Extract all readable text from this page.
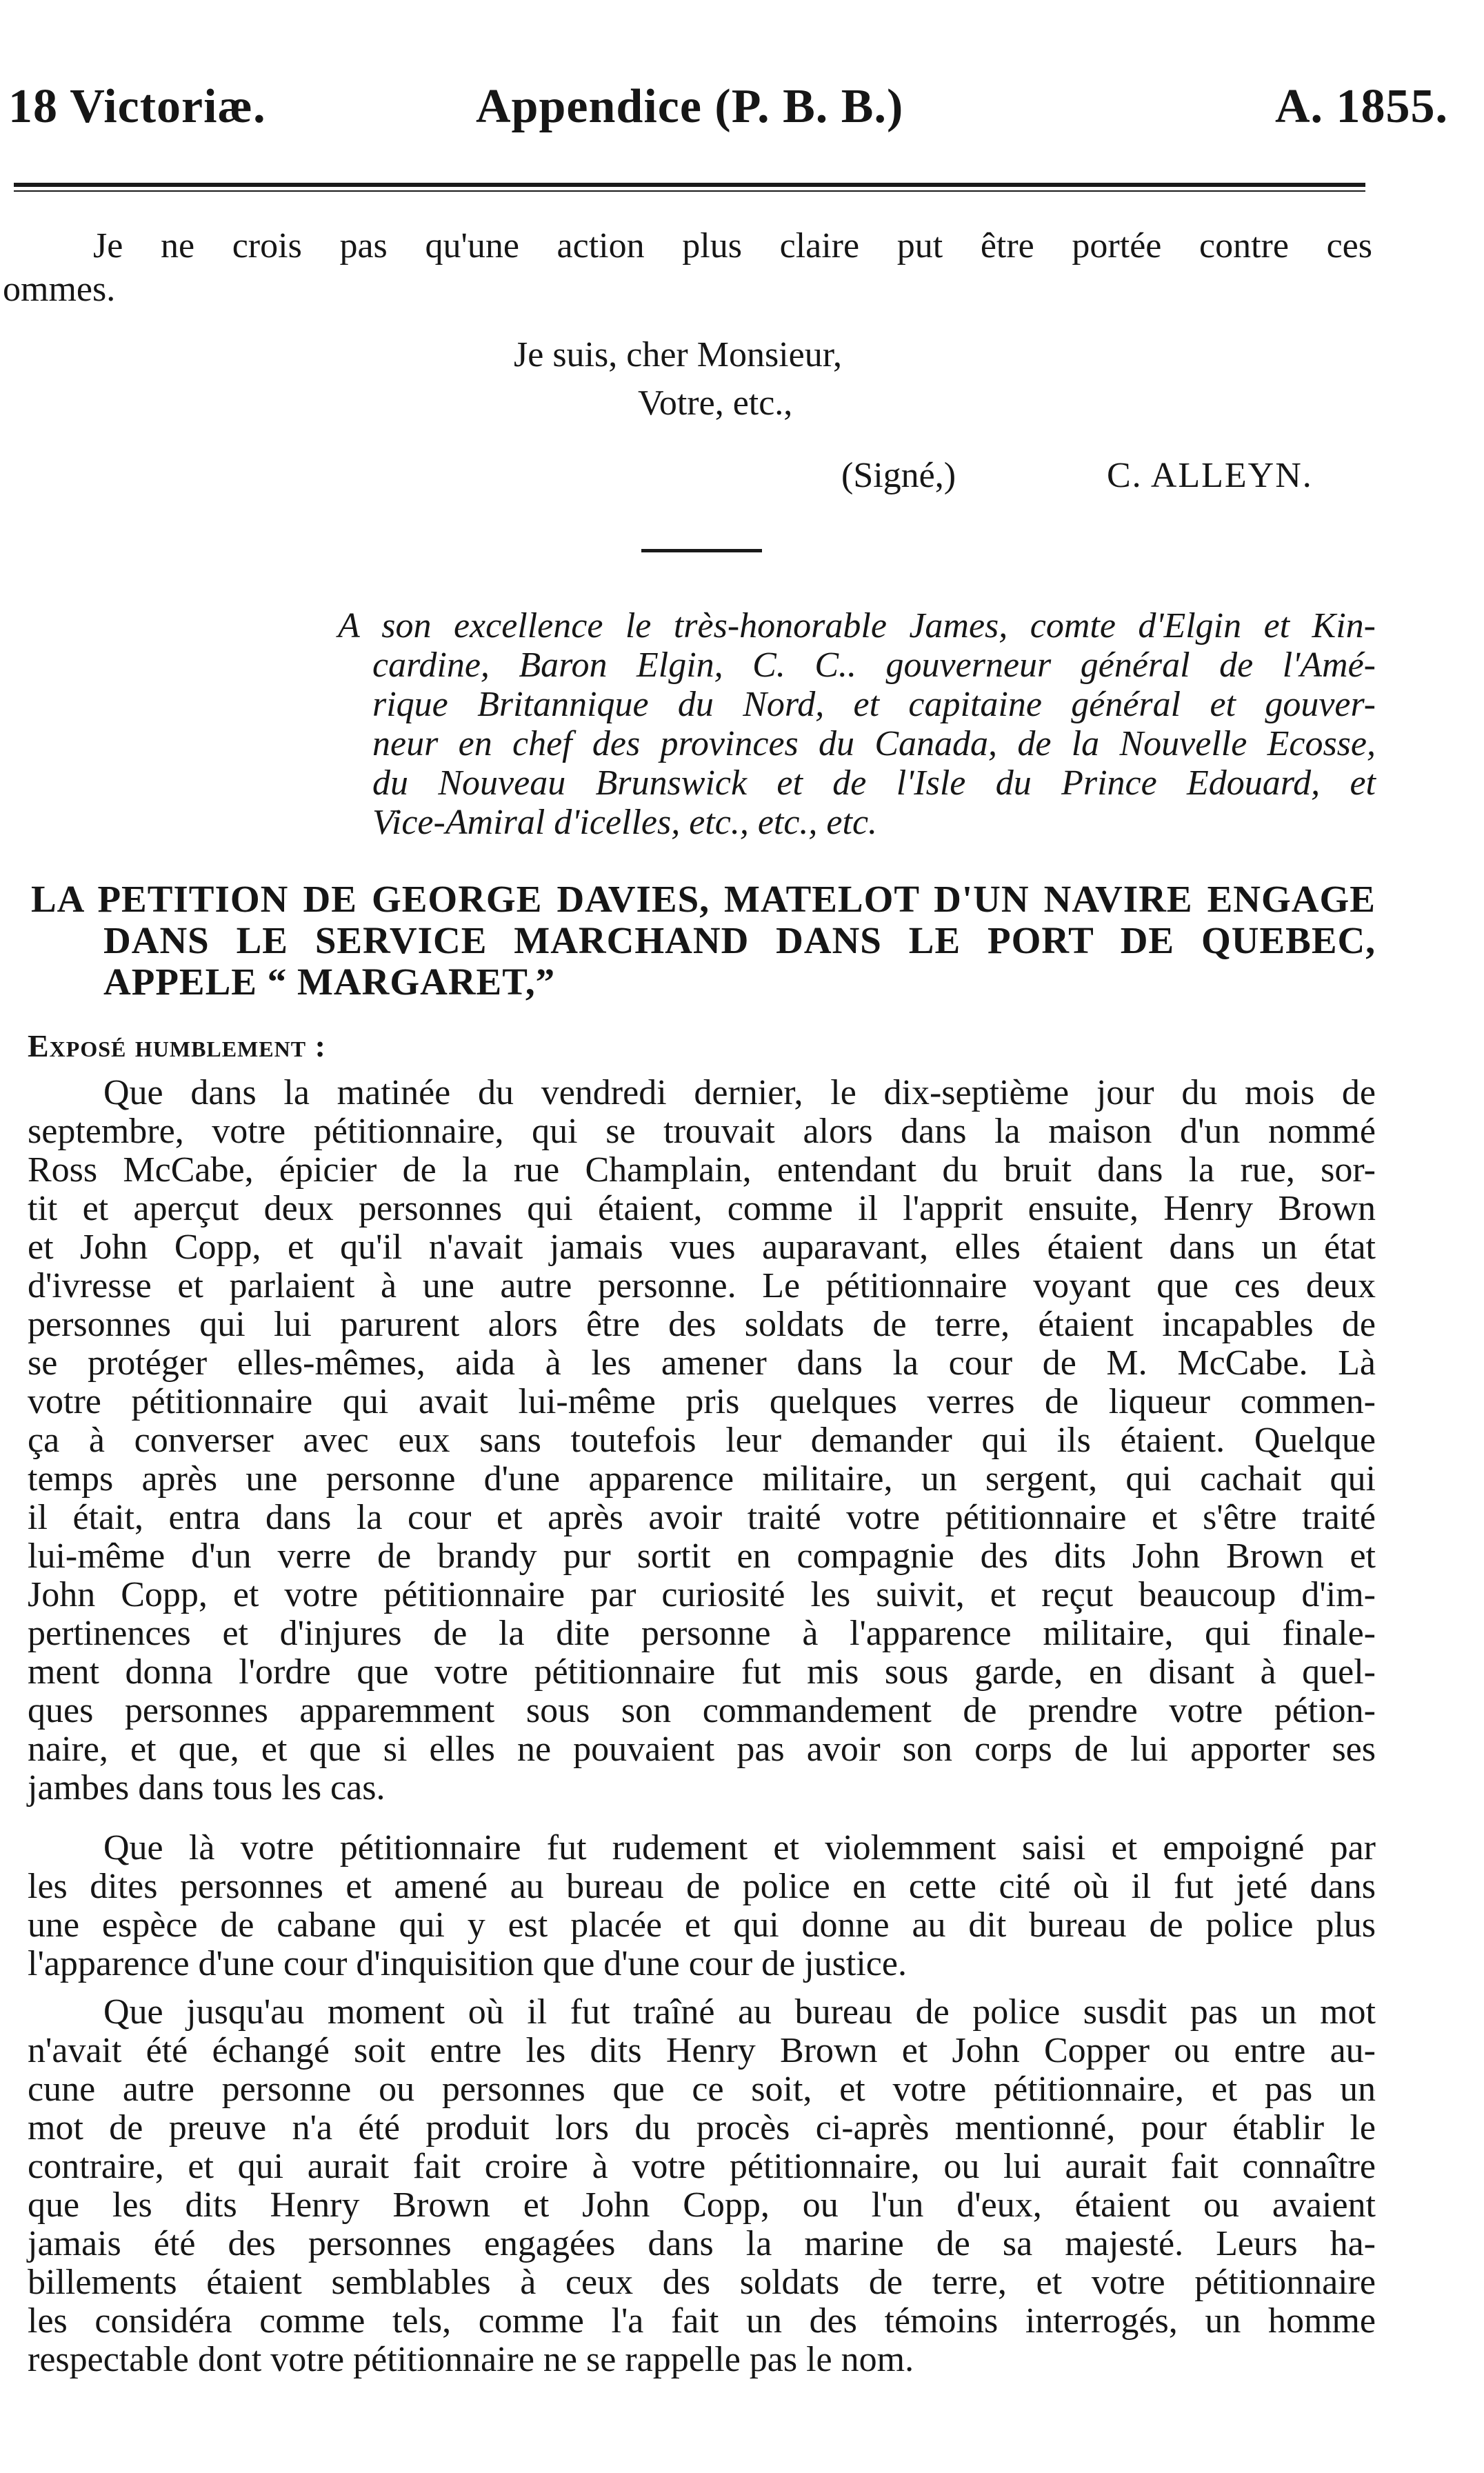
18 Victoriæ.	Appendice (P. B. B.)	A. 1855.
Je ne crois pas qu'une action plus claire put être portée contre ces
ommes.
Je suis, cher Monsieur,
Votre, etc.,
(Signé,)	C. ALLEYN.
A son excellence le très-honorable James, comte d'Elgin et Kin-
cardine, Baron Elgin, C. C.. gouverneur général de l'Amé-
rique Britannique du Nord, et capitaine général et gouver-
neur en chef des provinces du Canada, de la Nouvelle Ecosse,
du Nouveau Brunswick et de l'Isle du Prince Edouard, et
Vice-Amiral d'icelles, etc., etc., etc.
LA PETITION DE GEORGE DAVIES, MATELOT D'UN NAVIRE ENGAGE
DANS LE SERVICE MARCHAND DANS LE PORT DE QUEBEC,
APPELE “ MARGARET,”
Exposé humblement :
Que dans la matinée du vendredi dernier, le dix-septième jour du mois de
septembre, votre pétitionnaire, qui se trouvait alors dans la maison d'un nommé
Ross McCabe, épicier de la rue Champlain, entendant du bruit dans la rue, sor-
tit et aperçut deux personnes qui étaient, comme il l'apprit ensuite, Henry Brown
et John Copp, et qu'il n'avait jamais vues auparavant, elles étaient dans un état
d'ivresse et parlaient à une autre personne. Le pétitionnaire voyant que ces deux
personnes qui lui parurent alors être des soldats de terre, étaient incapables de
se protéger elles-mêmes, aida à les amener dans la cour de M. McCabe. Là
votre pétitionnaire qui avait lui-même pris quelques verres de liqueur commen-
ça à converser avec eux sans toutefois leur demander qui ils étaient. Quelque
temps après une personne d'une apparence militaire, un sergent, qui cachait qui
il était, entra dans la cour et après avoir traité votre pétitionnaire et s'être traité
lui-même d'un verre de brandy pur sortit en compagnie des dits John Brown et
John Copp, et votre pétitionnaire par curiosité les suivit, et reçut beaucoup d'im-
pertinences et d'injures de la dite personne à l'apparence militaire, qui finale-
ment donna l'ordre que votre pétitionnaire fut mis sous garde, en disant à quel-
ques personnes apparemment sous son commandement de prendre votre pétion-
naire, et que, et que si elles ne pouvaient pas avoir son corps de lui apporter ses
jambes dans tous les cas.
Que là votre pétitionnaire fut rudement et violemment saisi et empoigné par
les dites personnes et amené au bureau de police en cette cité où il fut jeté dans
une espèce de cabane qui y est placée et qui donne au dit bureau de police plus
l'apparence d'une cour d'inquisition que d'une cour de justice.
Que jusqu'au moment où il fut traîné au bureau de police susdit pas un mot
n'avait été échangé soit entre les dits Henry Brown et John Copper ou entre au-
cune autre personne ou personnes que ce soit, et votre pétitionnaire, et pas un
mot de preuve n'a été produit lors du procès ci-après mentionné, pour établir le
contraire, et qui aurait fait croire à votre pétitionnaire, ou lui aurait fait connaître
que les dits Henry Brown et John Copp, ou l'un d'eux, étaient ou avaient
jamais été des personnes engagées dans la marine de sa majesté. Leurs ha-
billements étaient semblables à ceux des soldats de terre, et votre pétitionnaire
les considéra comme tels, comme l'a fait un des témoins interrogés, un homme
respectable dont votre pétitionnaire ne se rappelle pas le nom.
